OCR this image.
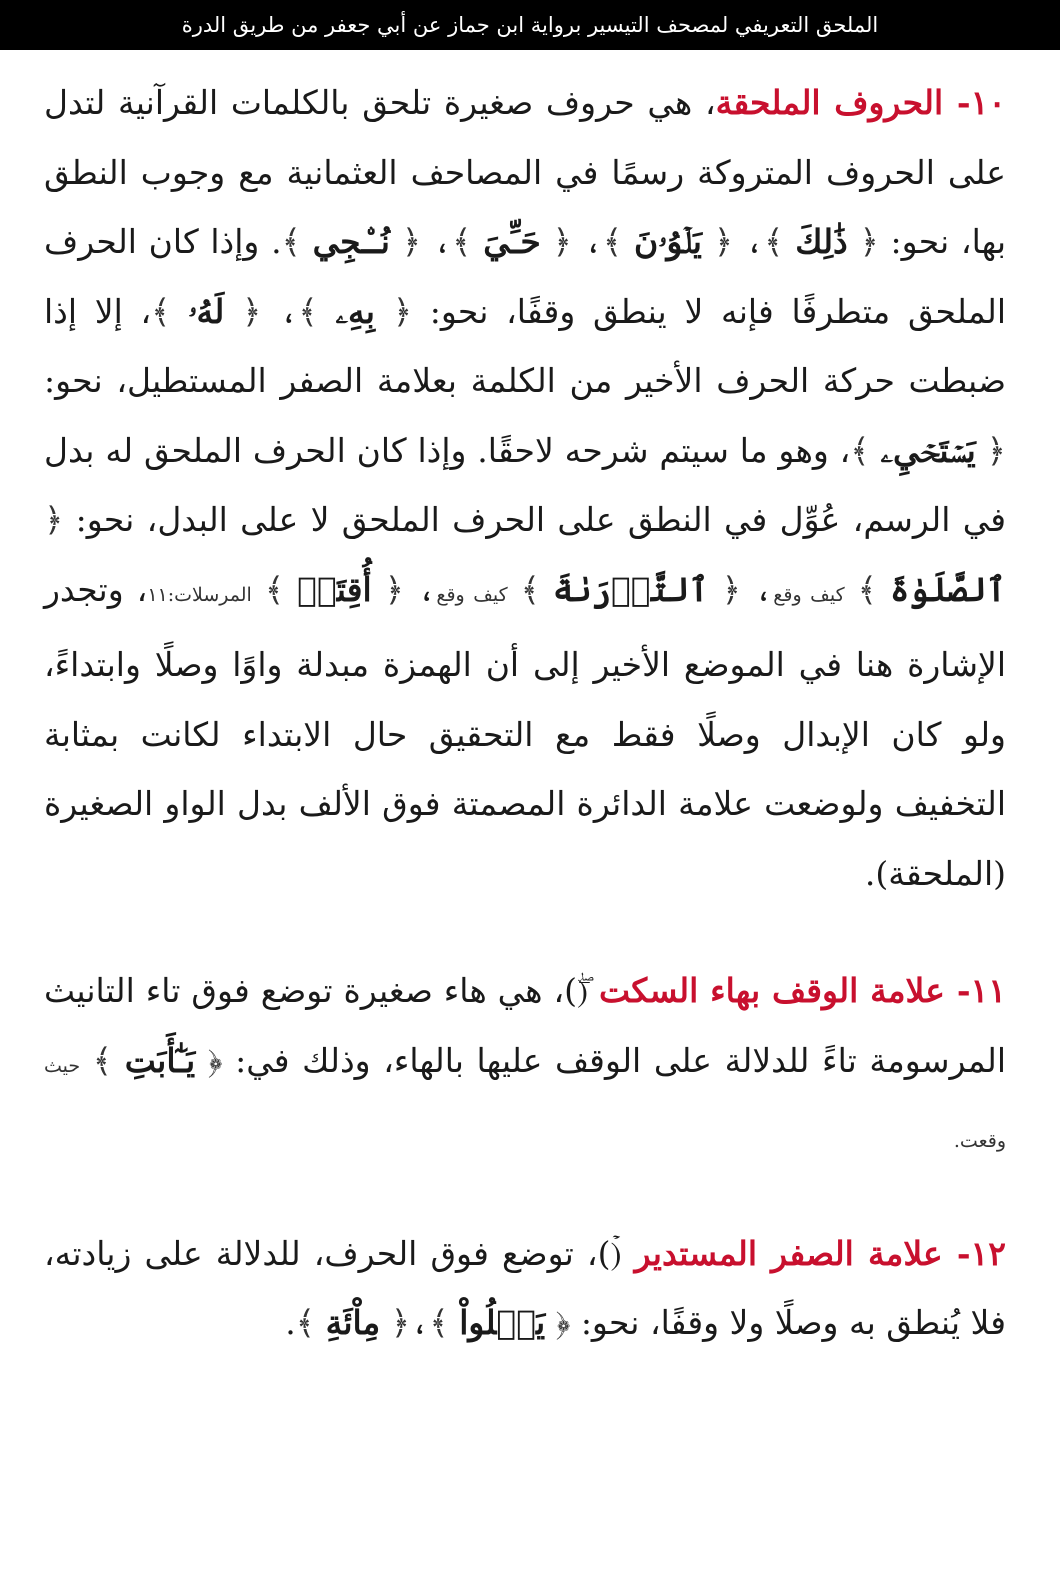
الملحق التعريفي لمصحف التيسير برواية ابن جماز عن أبي جعفر من طريق الدرة

١٠- الحروف الملحقة، هي حروف صغيرة تلحق بالكلمات القرآنية لتدل على الحروف المتروكة رسمًا في المصاحف العثمانية مع وجوب النطق بها، نحو: ﴿ ذَٰلِكَ ﴾، ﴿ يَلۡوُۥنَ ﴾، ﴿ حَـِّيَ ﴾، ﴿ نُـۨجِي ﴾. وإذا كان الحرف الملحق متطرفًا فإنه لا ينطق وقفًا، نحو: ﴿ بِهِۦ ﴾، ﴿ لَهُۥ ﴾، إلا إذا ضبطت حركة الحرف الأخير من الكلمة بعلامة الصفر المستطيل، نحو: ﴿ يَسۡتَحۡيِۦ ﴾، وهو ما سيتم شرحه لاحقًا. وإذا كان الحرف الملحق له بدل في الرسم، عُوِّل في النطق على الحرف الملحق لا على البدل، نحو: ﴿ ٱلصَّلَوٰةَ ﴾ كيف وقع، ﴿ ٱلتَّوۡرَىٰةَ ﴾ كيف وقع، ﴿ أُقِتَتۡ ﴾ المرسلات:١١، وتجدر الإشارة هنا في الموضع الأخير إلى أن الهمزة مبدلة واوًا وصلًا وابتداءً، ولو كان الإبدال وصلًا فقط مع التحقيق حال الابتداء لكانت بمثابة التخفيف ولوضعت علامة الدائرة المصمتة فوق الألف بدل الواو الصغيرة (الملحقة).

١١- علامة الوقف بهاء السكت (ۖ)، هي هاء صغيرة توضع فوق تاء التانيث المرسومة تاءً للدلالة على الوقف عليها بالهاء، وذلك في: ﴿ يَـٰٓأَبَتِ ﴾ حيث وقعت.

١٢- علامة الصفر المستدير (ۡ)، توضع فوق الحرف، للدلالة على زيادته، فلا يُنطق به وصلًا ولا وقفًا، نحو: ﴿ يَتۡلُواْ ﴾،﴿ مِاْئَةِ ﴾.
